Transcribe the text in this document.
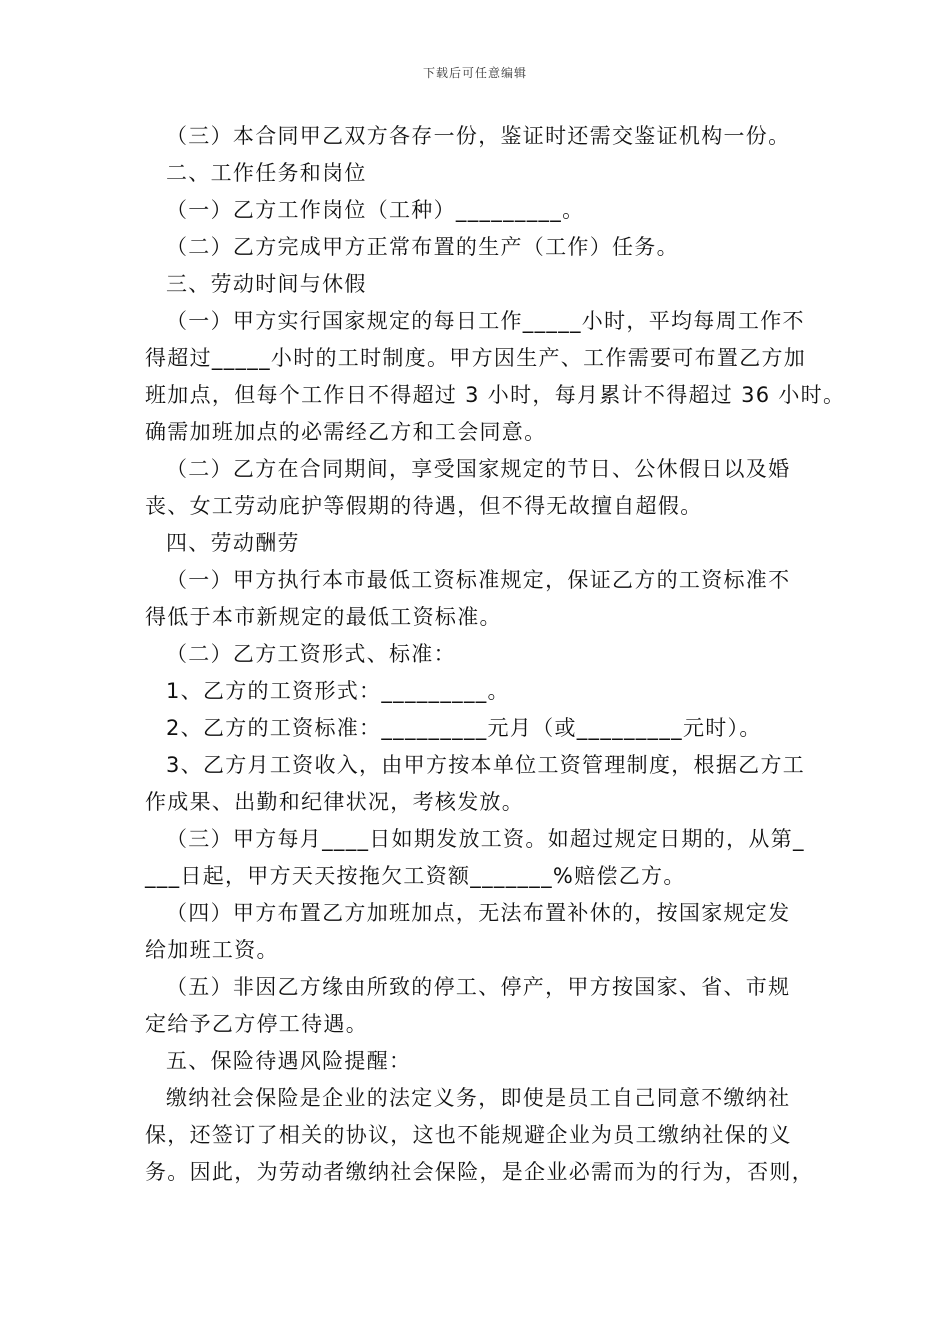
下载后可任意编辑
（三）本合同甲乙双方各存一份，鉴证时还需交鉴证机构一份。
二、工作任务和岗位
（一）乙方工作岗位（工种）_________。
（二）乙方完成甲方正常布置的生产（工作）任务。
三、劳动时间与休假
（一）甲方实行国家规定的每日工作_____小时，平均每周工作不
得超过_____小时的工时制度。甲方因生产、工作需要可布置乙方加
班加点，但每个工作日不得超过 3 小时，每月累计不得超过 36 小时。
确需加班加点的必需经乙方和工会同意。
（二）乙方在合同期间，享受国家规定的节日、公休假日以及婚
丧、女工劳动庇护等假期的待遇，但不得无故擅自超假。
四、劳动酬劳
（一）甲方执行本市最低工资标准规定，保证乙方的工资标准不
得低于本市新规定的最低工资标准。
（二）乙方工资形式、标准：
1、乙方的工资形式：_________。
2、乙方的工资标准：_________元月（或_________元时）。
3、乙方月工资收入，由甲方按本单位工资管理制度，根据乙方工
作成果、出勤和纪律状况，考核发放。
（三）甲方每月____日如期发放工资。如超过规定日期的，从第_
___日起，甲方天天按拖欠工资额_______%赔偿乙方。
（四）甲方布置乙方加班加点，无法布置补休的，按国家规定发
给加班工资。
（五）非因乙方缘由所致的停工、停产，甲方按国家、省、市规
定给予乙方停工待遇。
五、保险待遇风险提醒：
缴纳社会保险是企业的法定义务，即使是员工自己同意不缴纳社
保，还签订了相关的协议，这也不能规避企业为员工缴纳社保的义
务。因此，为劳动者缴纳社会保险，是企业必需而为的行为，否则，
